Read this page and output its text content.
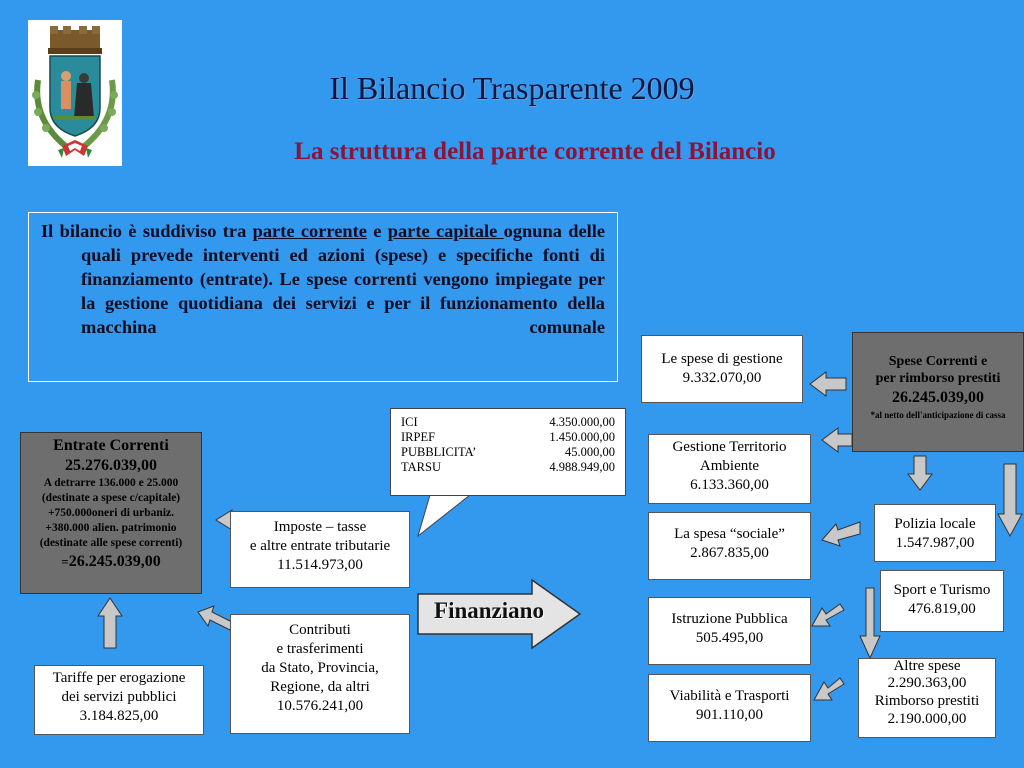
Il Bilancio Trasparente 2009
La struttura della parte corrente del Bilancio

Il bilancio è suddiviso tra parte corrente e parte capitale ognuna delle quali prevede interventi ed azioni (spese) e specifiche fonti di finanziamento (entrate). Le spese correnti vengono impiegate per la gestione quotidiana dei servizi e per il funzionamento della macchina comunale

ICI	4.350.000,00
IRPEF	1.450.000,00
PUBBLICITA’	45.000,00
TARSU	4.988.949,00
Entrate Correnti
25.276.039,00
A detrarre 136.000 e 25.000
(destinate a spese c/capitale)
+750.000oneri di urbaniz.
+380.000 alien. patrimonio
(destinate alle spese correnti)
=26.245.039,00
Imposte – tasse
e altre entrate tributarie
11.514.973,00
Contributi
e trasferimenti
da Stato, Provincia,
Regione, da altri
10.576.241,00
Tariffe per erogazione
dei servizi pubblici
3.184.825,00
Finanziano
Spese Correnti e
per rimborso prestiti
26.245.039,00
*al netto dell'anticipazione di cassa
Le spese di gestione
9.332.070,00
Gestione Territorio
Ambiente
6.133.360,00
La spesa “sociale”
2.867.835,00
Istruzione Pubblica
505.495,00
Viabilità e Trasporti
901.110,00
Polizia locale
1.547.987,00
Sport e Turismo
476.819,00
Altre spese
2.290.363,00
Rimborso prestiti
2.190.000,00
